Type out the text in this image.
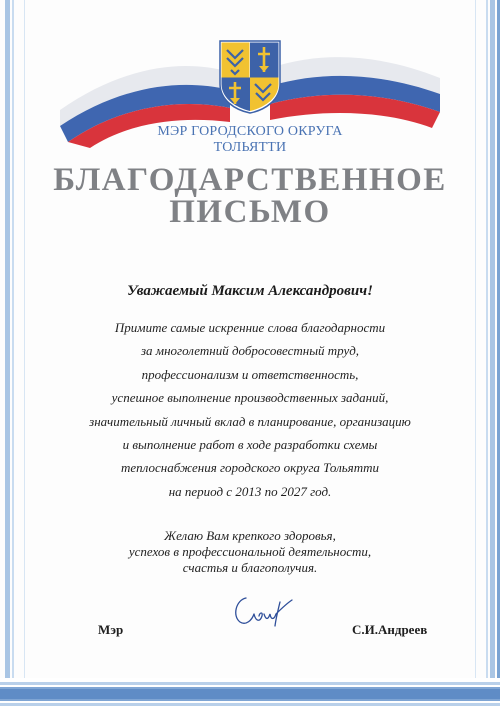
МЭР ГОРОДСКОГО ОКРУГА
ТОЛЬЯТТИ
БЛАГОДАРСТВЕННОЕ
ПИСЬМО
Уважаемый Максим Александрович!
Примите самые искренние слова благодарности
за многолетний добросовестный труд,
профессионализм и ответственность,
успешное выполнение производственных заданий,
значительный личный вклад в планирование, организацию
и выполнение работ в ходе разработки схемы
теплоснабжения городского округа Тольятти
на период с 2013 по 2027 год.
Желаю Вам крепкого здоровья,
успехов в профессиональной деятельности,
счастья и благополучия.
Мэр	С.И.Андреев
